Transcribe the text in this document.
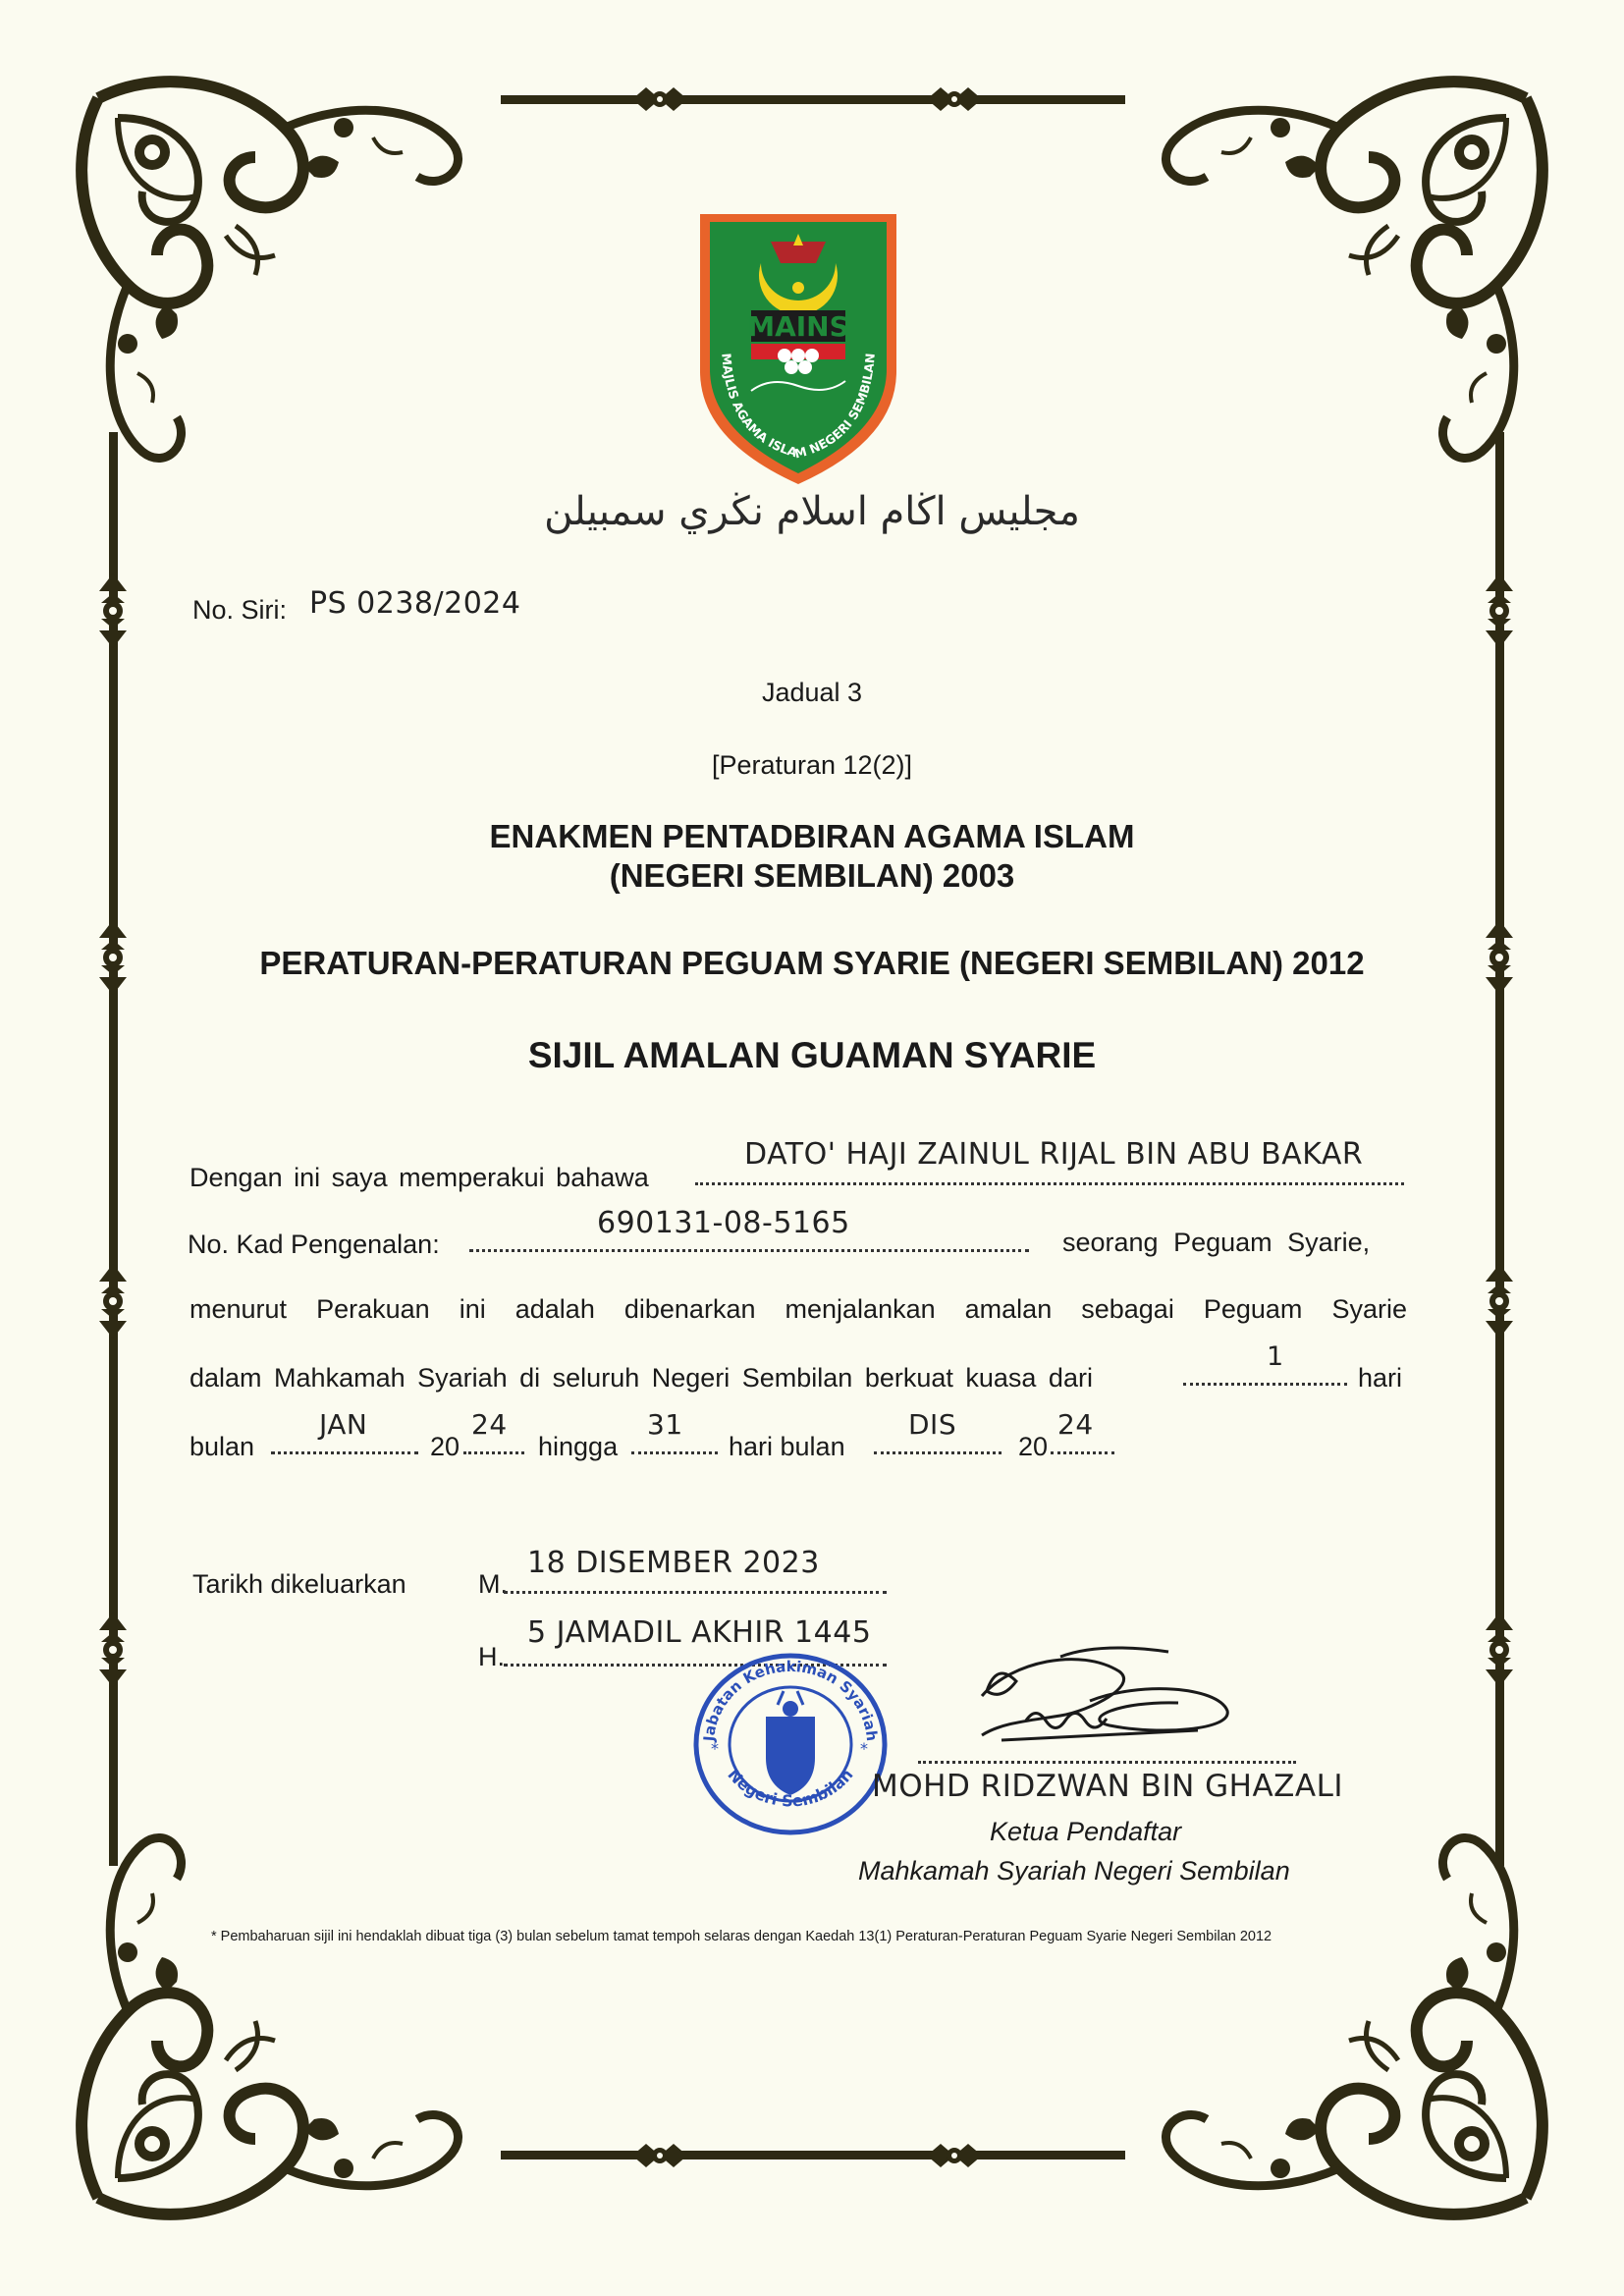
MAINS
MAJLIS AGAMA ISLAM NEGERI SEMBILAN
مجليس اڬام اسلام نڬري سمبيلن
No. Siri: PS 0238/2024
Jadual 3
[Peraturan 12(2)]
ENAKMEN PENTADBIRAN AGAMA ISLAM
(NEGERI SEMBILAN) 2003
PERATURAN-PERATURAN PEGUAM SYARIE (NEGERI SEMBILAN) 2012
SIJIL AMALAN GUAMAN SYARIE
Dengan ini saya memperakui bahawa
DATO' HAJI ZAINUL RIJAL BIN ABU BAKAR
No. Kad Pengenalan:
690131-08-5165
seorang Peguam Syarie,
menurut Perakuan ini adalah dibenarkan menjalankan amalan sebagai Peguam Syarie
dalam Mahkamah Syariah di seluruh Negeri Sembilan berkuat kuasa dari
1
hari
bulan
JAN
20
24
hingga
31
hari bulan
DIS
20
24
Tarikh dikeluarkan	M.
18 DISEMBER 2023
H.
5 JAMADIL AKHIR 1445
Jabatan Kehakiman Syariah
Negeri Sembilan
*	*
MOHD RIDZWAN BIN GHAZALI
Ketua Pendaftar
Mahkamah Syariah Negeri Sembilan
* Pembaharuan sijil ini hendaklah dibuat tiga (3) bulan sebelum tamat tempoh selaras dengan Kaedah 13(1) Peraturan-Peraturan Peguam Syarie Negeri Sembilan 2012
